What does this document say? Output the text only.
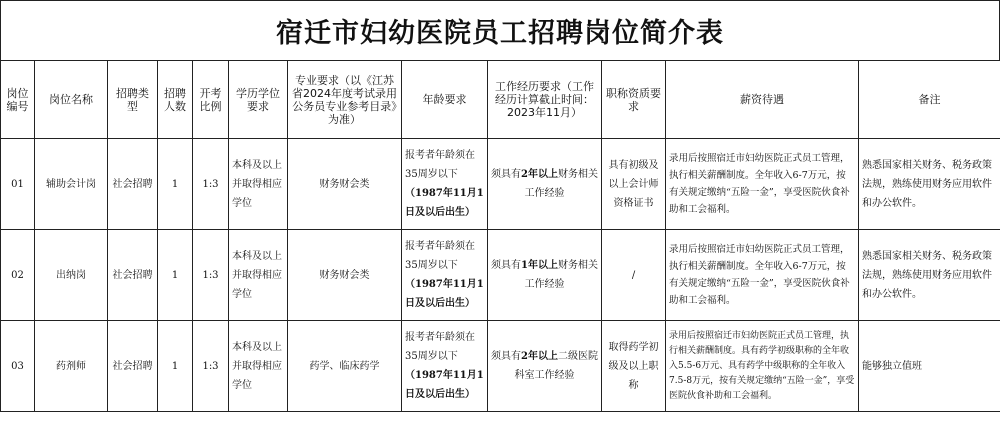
宿迁市妇幼医院员工招聘岗位简介表
岗位编号	岗位名称	招聘类型	招聘人数	开考比例	学历学位要求	专业要求（以《江苏省2024年度考试录用公务员专业参考目录》为准）	年龄要求	工作经历要求（工作经历计算截止时间：2023年11月）	职称资质要求	薪资待遇	备注
01	辅助会计岗	社会招聘	1	1:3	本科及以上并取得相应学位	财务财会类	报考者年龄须在35周岁以下（1987年11月1日及以后出生）	须具有2年以上财务相关工作经验	具有初级及以上会计师资格证书	录用后按照宿迁市妇幼医院正式员工管理，执行相关薪酬制度。全年收入6-7万元，按有关规定缴纳“五险一金”，享受医院伙食补助和工会福利。	熟悉国家相关财务、税务政策法规，熟练使用财务应用软件和办公软件。
02	出纳岗	社会招聘	1	1:3	本科及以上并取得相应学位	财务财会类	报考者年龄须在35周岁以下（1987年11月1日及以后出生）	须具有1年以上财务相关工作经验	/	录用后按照宿迁市妇幼医院正式员工管理，执行相关薪酬制度。全年收入6-7万元，按有关规定缴纳“五险一金”，享受医院伙食补助和工会福利。	熟悉国家相关财务、税务政策法规，熟练使用财务应用软件和办公软件。
03	药剂师	社会招聘	1	1:3	本科及以上并取得相应学位	药学、临床药学	报考者年龄须在35周岁以下（1987年11月1日及以后出生）	须具有2年以上二级医院科室工作经验	取得药学初级及以上职称	录用后按照宿迁市妇幼医院正式员工管理，执行相关薪酬制度。具有药学初级职称的全年收入5.5-6万元、具有药学中级职称的全年收入7.5-8万元，按有关规定缴纳“五险一金”，享受医院伙食补助和工会福利。	能够独立值班
